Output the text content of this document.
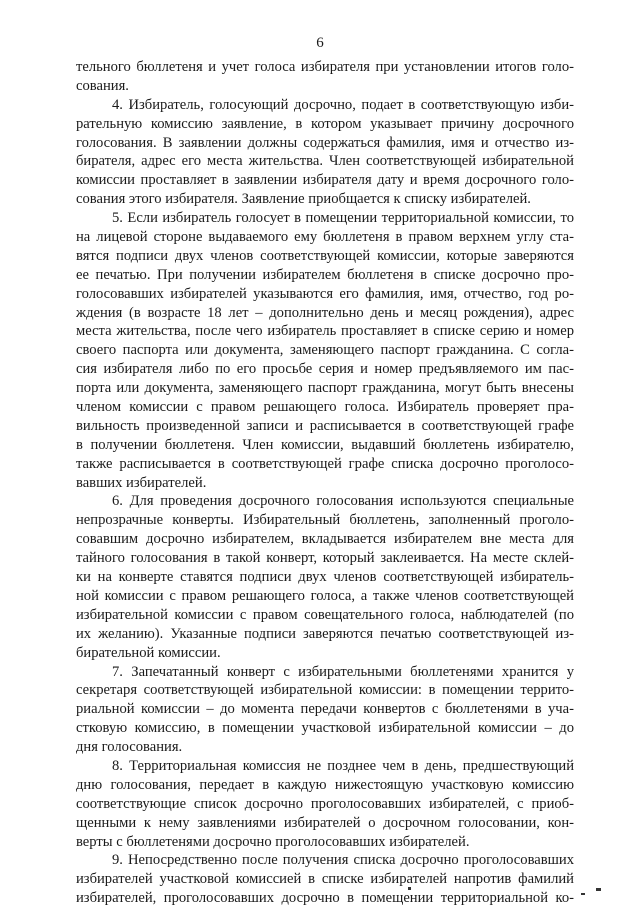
6
тельного бюллетеня и учет голоса избирателя при установлении итогов голо-
сования.
4. Избиратель, голосующий досрочно, подает в соответствующую изби-
рательную комиссию заявление, в котором указывает причину досрочного
голосования. В заявлении должны содержаться фамилия, имя и отчество из-
бирателя, адрес его места жительства. Член соответствующей избирательной
комиссии проставляет в заявлении избирателя дату и время досрочного голо-
сования этого избирателя. Заявление приобщается к списку избирателей.
5. Если избиратель голосует в помещении территориальной комиссии, то
на лицевой стороне выдаваемого ему бюллетеня в правом верхнем углу ста-
вятся подписи двух членов соответствующей комиссии, которые заверяются
ее печатью. При получении избирателем бюллетеня в списке досрочно про-
голосовавших избирателей указываются его фамилия, имя, отчество, год ро-
ждения (в возрасте 18 лет – дополнительно день и месяц рождения), адрес
места жительства, после чего избиратель проставляет в списке серию и номер
своего паспорта или документа, заменяющего паспорт гражданина. С согла-
сия избирателя либо по его просьбе серия и номер предъявляемого им пас-
порта или документа, заменяющего паспорт гражданина, могут быть внесены
членом комиссии с правом решающего голоса. Избиратель проверяет пра-
вильность произведенной записи и расписывается в соответствующей графе
в получении бюллетеня. Член комиссии, выдавший бюллетень избирателю,
также расписывается в соответствующей графе списка досрочно проголосо-
вавших избирателей.
6. Для проведения досрочного голосования используются специальные
непрозрачные конверты. Избирательный бюллетень, заполненный проголо-
совавшим досрочно избирателем, вкладывается избирателем вне места для
тайного голосования в такой конверт, который заклеивается. На месте склей-
ки на конверте ставятся подписи двух членов соответствующей избиратель-
ной комиссии с правом решающего голоса, а также членов соответствующей
избирательной комиссии с правом совещательного голоса, наблюдателей (по
их желанию). Указанные подписи заверяются печатью соответствующей из-
бирательной комиссии.
7. Запечатанный конверт с избирательными бюллетенями хранится у
секретаря соответствующей избирательной комиссии: в помещении террито-
риальной комиссии – до момента передачи конвертов с бюллетенями в уча-
стковую комиссию, в помещении участковой избирательной комиссии – до
дня голосования.
8. Территориальная комиссия не позднее чем в день, предшествующий
дню голосования, передает в каждую нижестоящую участковую комиссию
соответствующие список досрочно проголосовавших избирателей, с приоб-
щенными к нему заявлениями избирателей о досрочном голосовании, кон-
верты с бюллетенями досрочно проголосовавших избирателей.
9. Непосредственно после получения списка досрочно проголосовавших
избирателей участковой комиссией в списке избирателей напротив фамилий
избирателей, проголосовавших досрочно в помещении территориальной ко-
